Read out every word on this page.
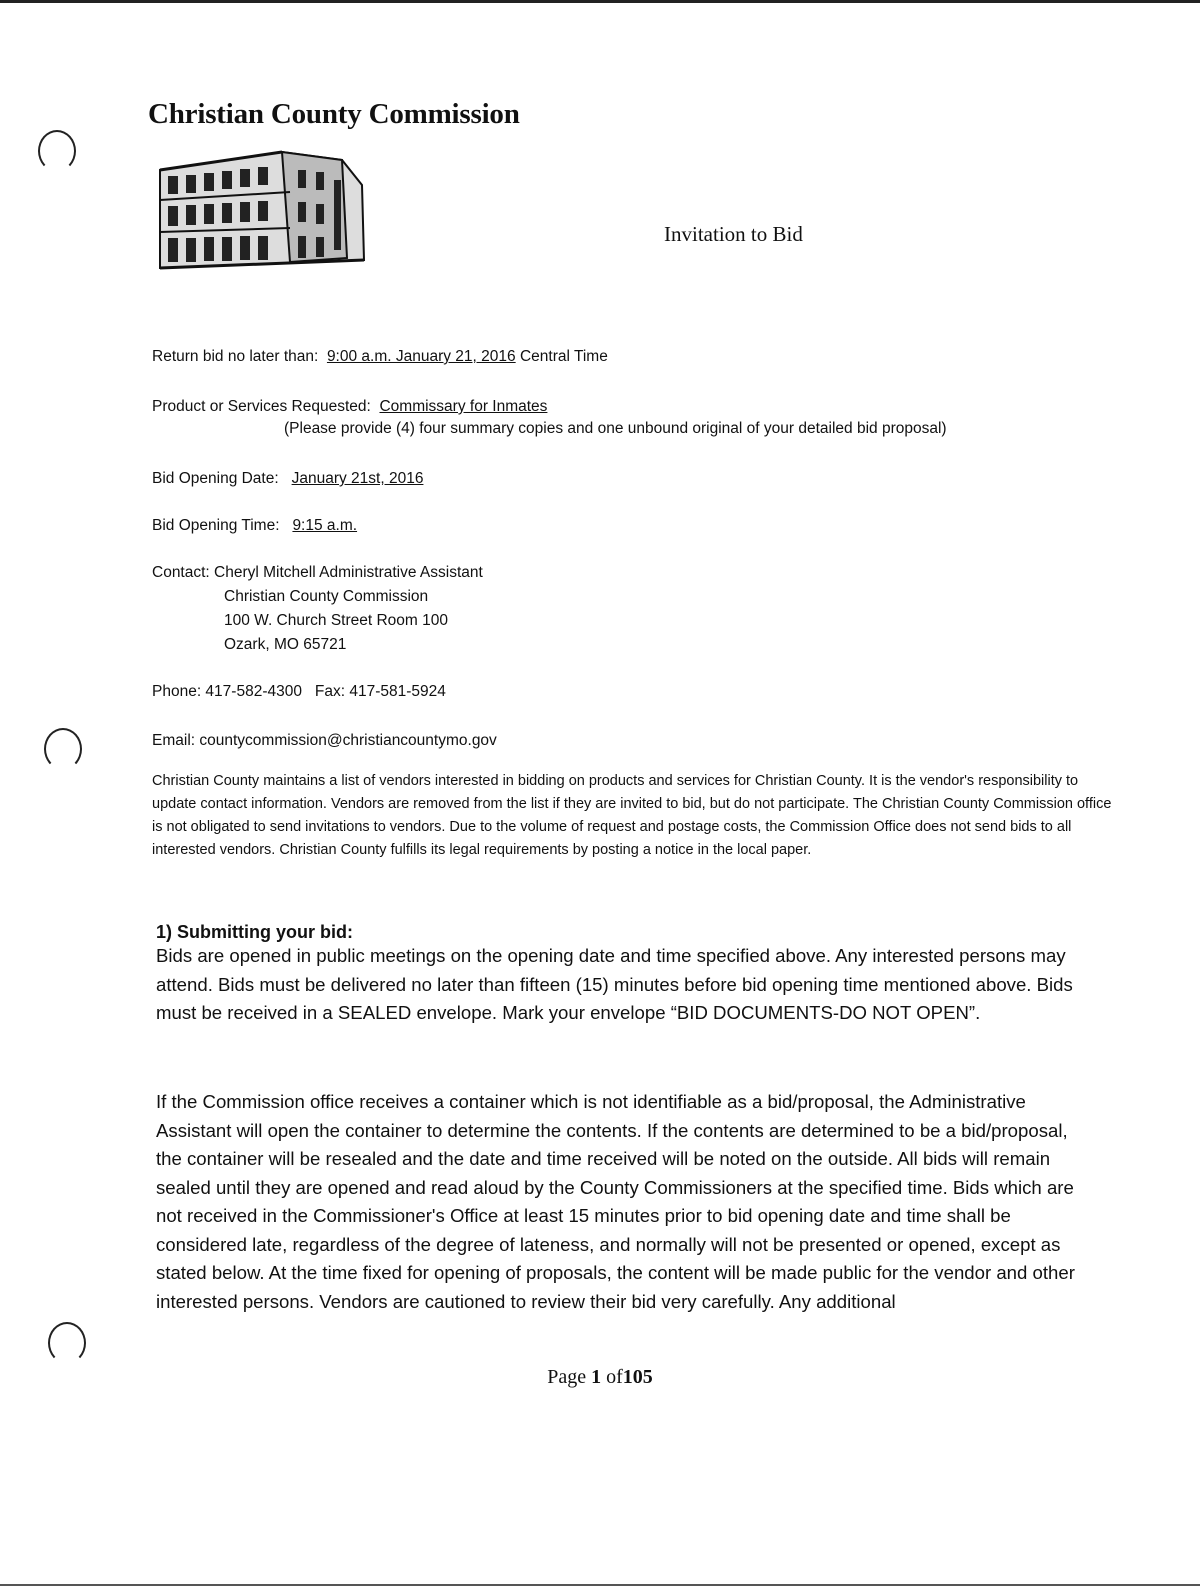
Christian County Commission
Invitation to Bid
Return bid no later than: 9:00 a.m. January 21, 2016 Central Time
Product or Services Requested: Commissary for Inmates
(Please provide (4) four summary copies and one unbound original of your detailed bid proposal)
Bid Opening Date: January 21st, 2016
Bid Opening Time: 9:15 a.m.
Contact: Cheryl Mitchell Administrative Assistant
Christian County Commission
100 W. Church Street Room 100
Ozark, MO 65721
Phone: 417-582-4300 Fax: 417-581-5924
Email: countycommission@christiancountymo.gov
Christian County maintains a list of vendors interested in bidding on products and services for Christian County. It is the vendor's responsibility to update contact information. Vendors are removed from the list if they are invited to bid, but do not participate. The Christian County Commission office is not obligated to send invitations to vendors. Due to the volume of request and postage costs, the Commission Office does not send bids to all interested vendors. Christian County fulfills its legal requirements by posting a notice in the local paper.
1) Submitting your bid:
Bids are opened in public meetings on the opening date and time specified above. Any interested persons may attend. Bids must be delivered no later than fifteen (15) minutes before bid opening time mentioned above. Bids must be received in a SEALED envelope. Mark your envelope “BID DOCUMENTS-DO NOT OPEN”.
If the Commission office receives a container which is not identifiable as a bid/proposal, the Administrative Assistant will open the container to determine the contents. If the contents are determined to be a bid/proposal, the container will be resealed and the date and time received will be noted on the outside. All bids will remain sealed until they are opened and read aloud by the County Commissioners at the specified time. Bids which are not received in the Commissioner's Office at least 15 minutes prior to bid opening date and time shall be considered late, regardless of the degree of lateness, and normally will not be presented or opened, except as stated below. At the time fixed for opening of proposals, the content will be made public for the vendor and other interested persons. Vendors are cautioned to review their bid very carefully. Any additional
Page 1 of105
